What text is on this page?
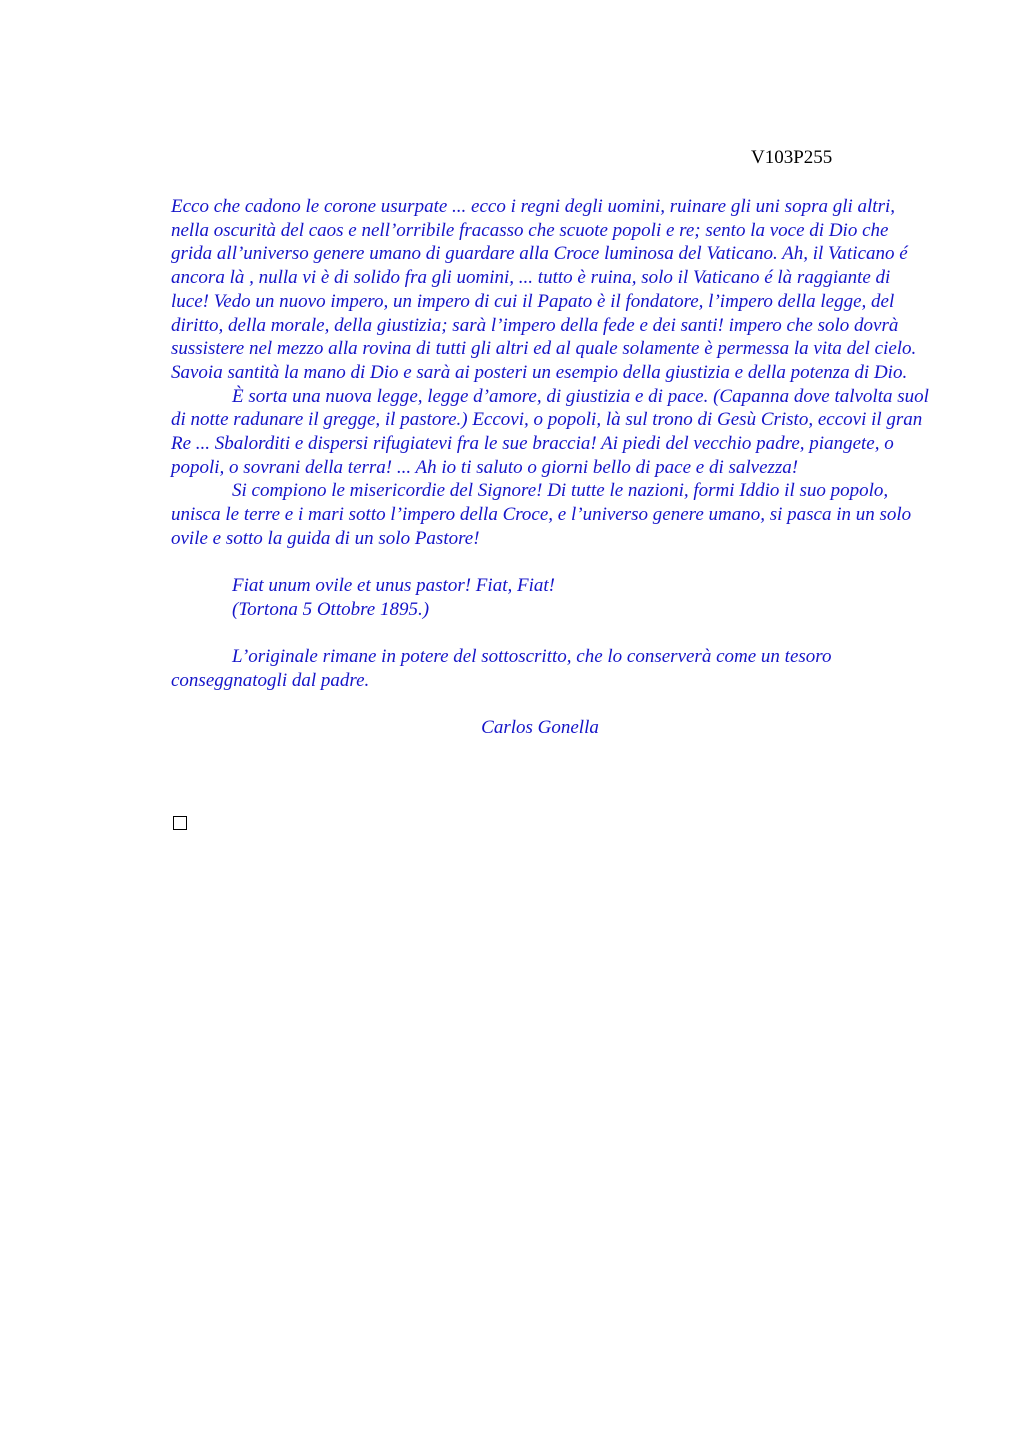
V103P255

Ecco che cadono le corone usurpate ... ecco i regni degli uomini, ruinare gli uni sopra gli altri, nella oscurità del caos e nell’orribile fracasso che scuote popoli e re; sento la voce di Dio che grida all’universo genere umano di guardare alla Croce luminosa del Vaticano. Ah, il Vaticano é ancora là , nulla vi è di solido fra gli uomini, ... tutto è ruina, solo il Vaticano é là raggiante di luce! Vedo un nuovo impero, un impero di cui il Papato è il fondatore, l’impero della legge, del diritto, della morale, della giustizia; sarà l’impero della fede e dei santi! impero che solo dovrà sussistere nel mezzo alla rovina di tutti gli altri ed al quale solamente è permessa la vita del cielo. Savoia santità la mano di Dio e sarà ai posteri un esempio della giustizia e della potenza di Dio.

È sorta una nuova legge, legge d’amore, di giustizia e di pace. (Capanna dove talvolta suol di notte radunare il gregge, il pastore.) Eccovi, o popoli, là sul trono di Gesù Cristo, eccovi il gran Re ... Sbalorditi e dispersi rifugiatevi fra le sue braccia! Ai piedi del vecchio padre, piangete, o popoli, o sovrani della terra! ... Ah io ti saluto o giorni bello di pace e di salvezza!

Si compiono le misericordie del Signore! Di tutte le nazioni, formi Iddio il suo popolo, unisca le terre e i mari sotto l’impero della Croce, e l’universo genere umano, si pasca in un solo ovile e sotto la guida di un solo Pastore!

Fiat unum ovile et unus pastor! Fiat, Fiat!

(Tortona 5 Ottobre 1895.)

L’originale rimane in potere del sottoscritto, che lo conserverà come un tesoro conseggnatogli dal padre.

Carlos Gonella
